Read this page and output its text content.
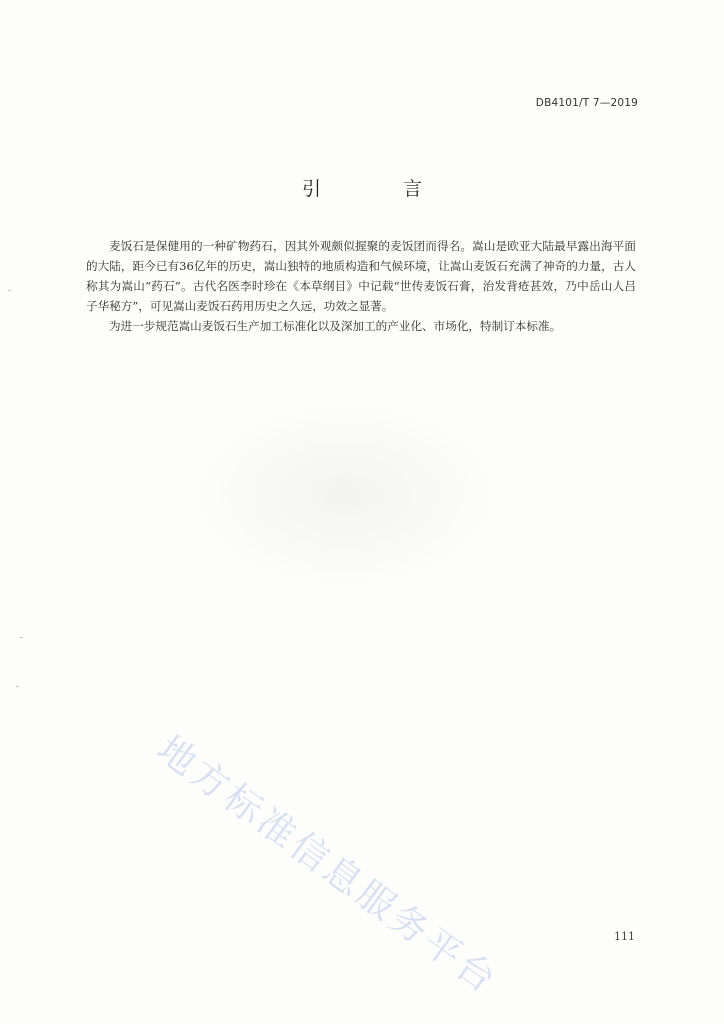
DB4101/T 7—2019
引 言

麦饭石是保健用的一种矿物药石，因其外观颇似握聚的麦饭团而得名。嵩山是欧亚大陆最早露出海平面的大陆，距今已有36亿年的历史，嵩山独特的地质构造和气候环境，让嵩山麦饭石充满了神奇的力量，古人称其为嵩山“药石”。古代名医李时珍在《本草纲目》中记载“世传麦饭石膏，治发背疮甚效，乃中岳山人吕子华秘方”，可见嵩山麦饭石药用历史之久远，功效之显著。

为进一步规范嵩山麦饭石生产加工标准化以及深加工的产业化、市场化，特制订本标准。

地方标准信息服务平台	111
